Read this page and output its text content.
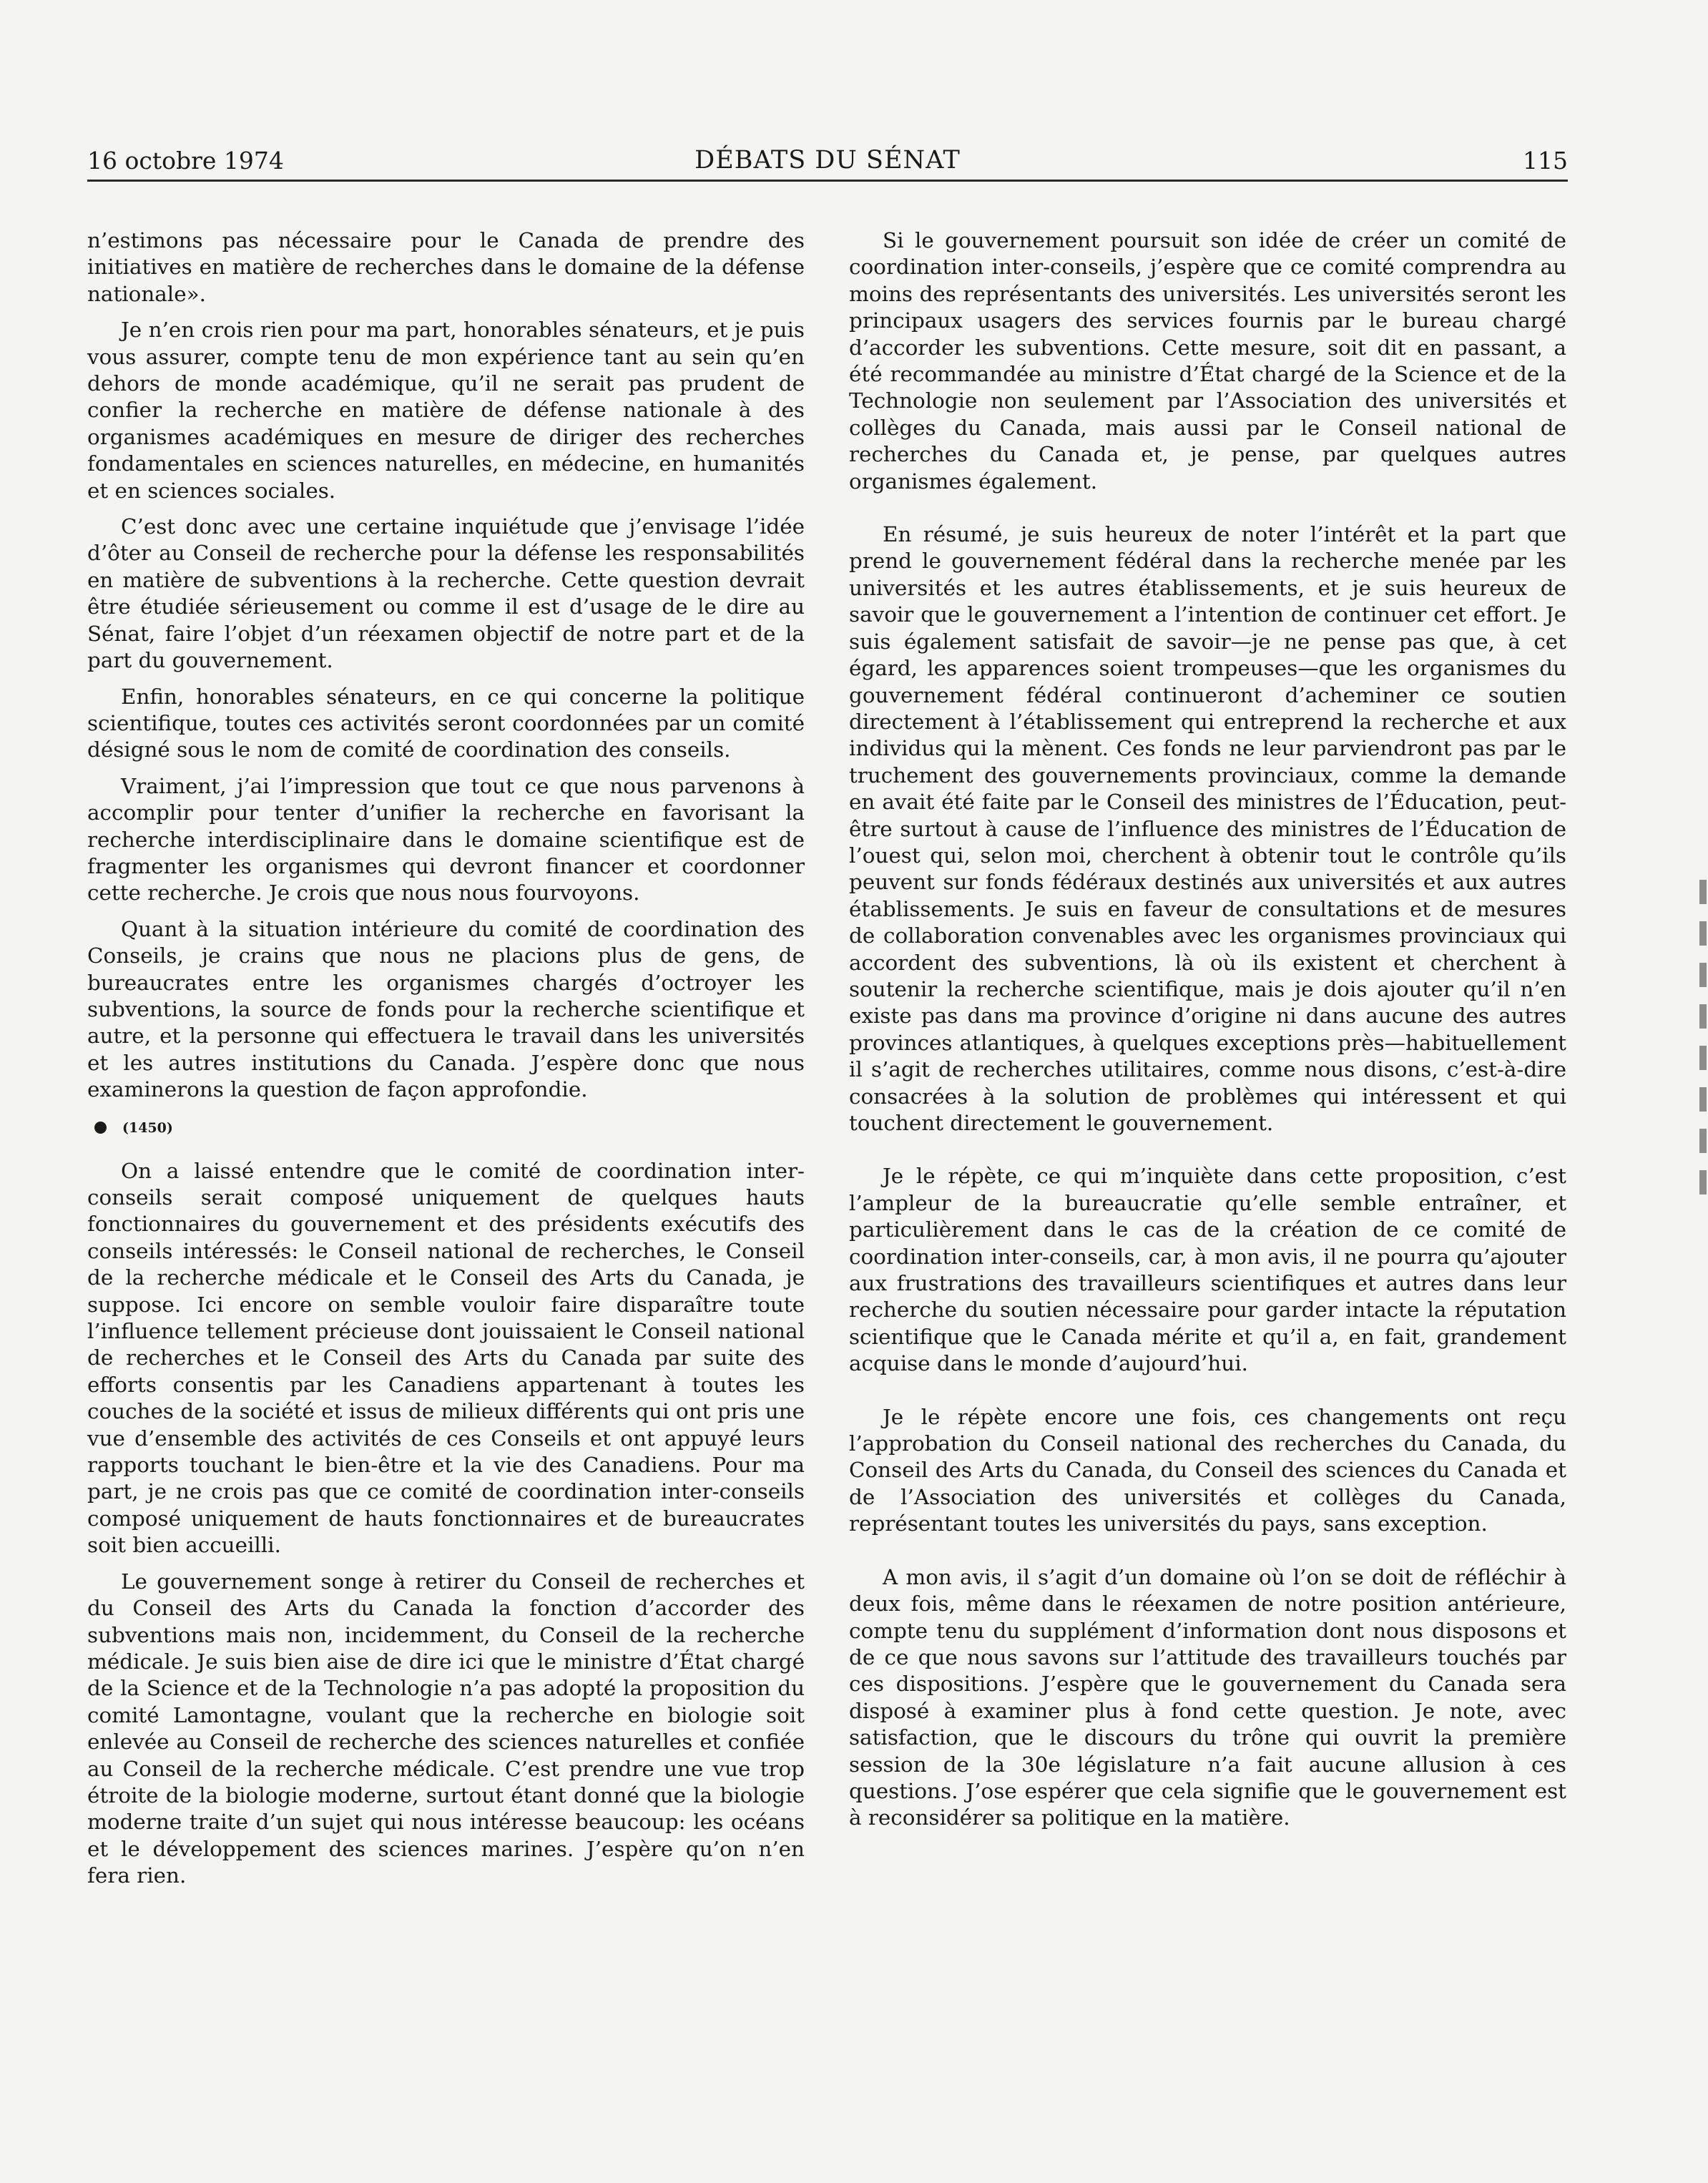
16 octobre 1974	DÉBATS DU SÉNAT	115

n’estimons pas nécessaire pour le Canada de prendre des initiatives en matière de recherches dans le domaine de la défense nationale».

Je n’en crois rien pour ma part, honorables sénateurs, et je puis vous assurer, compte tenu de mon expérience tant au sein qu’en dehors de monde académique, qu’il ne serait pas prudent de confier la recherche en matière de défense nationale à des organismes académiques en mesure de diriger des recherches fondamentales en sciences naturelles, en médecine, en humanités et en sciences sociales.

C’est donc avec une certaine inquiétude que j’envisage l’idée d’ôter au Conseil de recherche pour la défense les responsabilités en matière de subventions à la recherche. Cette question devrait être étudiée sérieusement ou comme il est d’usage de le dire au Sénat, faire l’objet d’un réexamen objectif de notre part et de la part du gouvernement.

Enfin, honorables sénateurs, en ce qui concerne la politique scientifique, toutes ces activités seront coordonnées par un comité désigné sous le nom de comité de coordination des conseils.

Vraiment, j’ai l’impression que tout ce que nous parvenons à accomplir pour tenter d’unifier la recherche en favorisant la recherche interdisciplinaire dans le domaine scientifique est de fragmenter les organismes qui devront financer et coordonner cette recherche. Je crois que nous nous fourvoyons.

Quant à la situation intérieure du comité de coordination des Conseils, je crains que nous ne placions plus de gens, de bureaucrates entre les organismes chargés d’octroyer les subventions, la source de fonds pour la recherche scientifique et autre, et la personne qui effectuera le travail dans les universités et les autres institutions du Canada. J’espère donc que nous examinerons la question de façon approfondie.

(1450)

On a laissé entendre que le comité de coordination inter-conseils serait composé uniquement de quelques hauts fonctionnaires du gouvernement et des présidents exécutifs des conseils intéressés: le Conseil national de recherches, le Conseil de la recherche médicale et le Conseil des Arts du Canada, je suppose. Ici encore on semble vouloir faire disparaître toute l’influence tellement précieuse dont jouissaient le Conseil national de recherches et le Conseil des Arts du Canada par suite des efforts consentis par les Canadiens appartenant à toutes les couches de la société et issus de milieux différents qui ont pris une vue d’ensemble des activités de ces Conseils et ont appuyé leurs rapports touchant le bien-être et la vie des Canadiens. Pour ma part, je ne crois pas que ce comité de coordination inter-conseils composé uniquement de hauts fonctionnaires et de bureaucrates soit bien accueilli.

Le gouvernement songe à retirer du Conseil de recherches et du Conseil des Arts du Canada la fonction d’accorder des subventions mais non, incidemment, du Conseil de la recherche médicale. Je suis bien aise de dire ici que le ministre d’État chargé de la Science et de la Technologie n’a pas adopté la proposition du comité Lamontagne, voulant que la recherche en biologie soit enlevée au Conseil de recherche des sciences naturelles et confiée au Conseil de la recherche médicale. C’est prendre une vue trop étroite de la biologie moderne, surtout étant donné que la biologie moderne traite d’un sujet qui nous intéresse beaucoup: les océans et le développement des sciences marines. J’espère qu’on n’en fera rien.

Si le gouvernement poursuit son idée de créer un comité de coordination inter-conseils, j’espère que ce comité comprendra au moins des représentants des universités. Les universités seront les principaux usagers des services fournis par le bureau chargé d’accorder les subventions. Cette mesure, soit dit en passant, a été recommandée au ministre d’État chargé de la Science et de la Technologie non seulement par l’Association des universités et collèges du Canada, mais aussi par le Conseil national de recherches du Canada et, je pense, par quelques autres organismes également.

En résumé, je suis heureux de noter l’intérêt et la part que prend le gouvernement fédéral dans la recherche menée par les universités et les autres établissements, et je suis heureux de savoir que le gouvernement a l’intention de continuer cet effort. Je suis également satisfait de savoir—je ne pense pas que, à cet égard, les apparences soient trompeuses—que les organismes du gouvernement fédéral continueront d’acheminer ce soutien directement à l’établissement qui entreprend la recherche et aux individus qui la mènent. Ces fonds ne leur parviendront pas par le truchement des gouvernements provinciaux, comme la demande en avait été faite par le Conseil des ministres de l’Éducation, peut-être surtout à cause de l’influence des ministres de l’Éducation de l’ouest qui, selon moi, cherchent à obtenir tout le contrôle qu’ils peuvent sur fonds fédéraux destinés aux universités et aux autres établissements. Je suis en faveur de consultations et de mesures de collaboration convenables avec les organismes provinciaux qui accordent des subventions, là où ils existent et cherchent à soutenir la recherche scientifique, mais je dois ajouter qu’il n’en existe pas dans ma province d’origine ni dans aucune des autres provinces atlantiques, à quelques exceptions près—habituellement il s’agit de recherches utilitaires, comme nous disons, c’est-à-dire consacrées à la solution de problèmes qui intéressent et qui touchent directement le gouvernement.

Je le répète, ce qui m’inquiète dans cette proposition, c’est l’ampleur de la bureaucratie qu’elle semble entraîner, et particulièrement dans le cas de la création de ce comité de coordination inter-conseils, car, à mon avis, il ne pourra qu’ajouter aux frustrations des travailleurs scientifiques et autres dans leur recherche du soutien nécessaire pour garder intacte la réputation scientifique que le Canada mérite et qu’il a, en fait, grandement acquise dans le monde d’aujourd’hui.

Je le répète encore une fois, ces changements ont reçu l’approbation du Conseil national des recherches du Canada, du Conseil des Arts du Canada, du Conseil des sciences du Canada et de l’Association des universités et collèges du Canada, représentant toutes les universités du pays, sans exception.

A mon avis, il s’agit d’un domaine où l’on se doit de réfléchir à deux fois, même dans le réexamen de notre position antérieure, compte tenu du supplément d’information dont nous disposons et de ce que nous savons sur l’attitude des travailleurs touchés par ces dispositions. J’espère que le gouvernement du Canada sera disposé à examiner plus à fond cette question. Je note, avec satisfaction, que le discours du trône qui ouvrit la première session de la 30e législature n’a fait aucune allusion à ces questions. J’ose espérer que cela signifie que le gouvernement est à reconsidérer sa politique en la matière.
